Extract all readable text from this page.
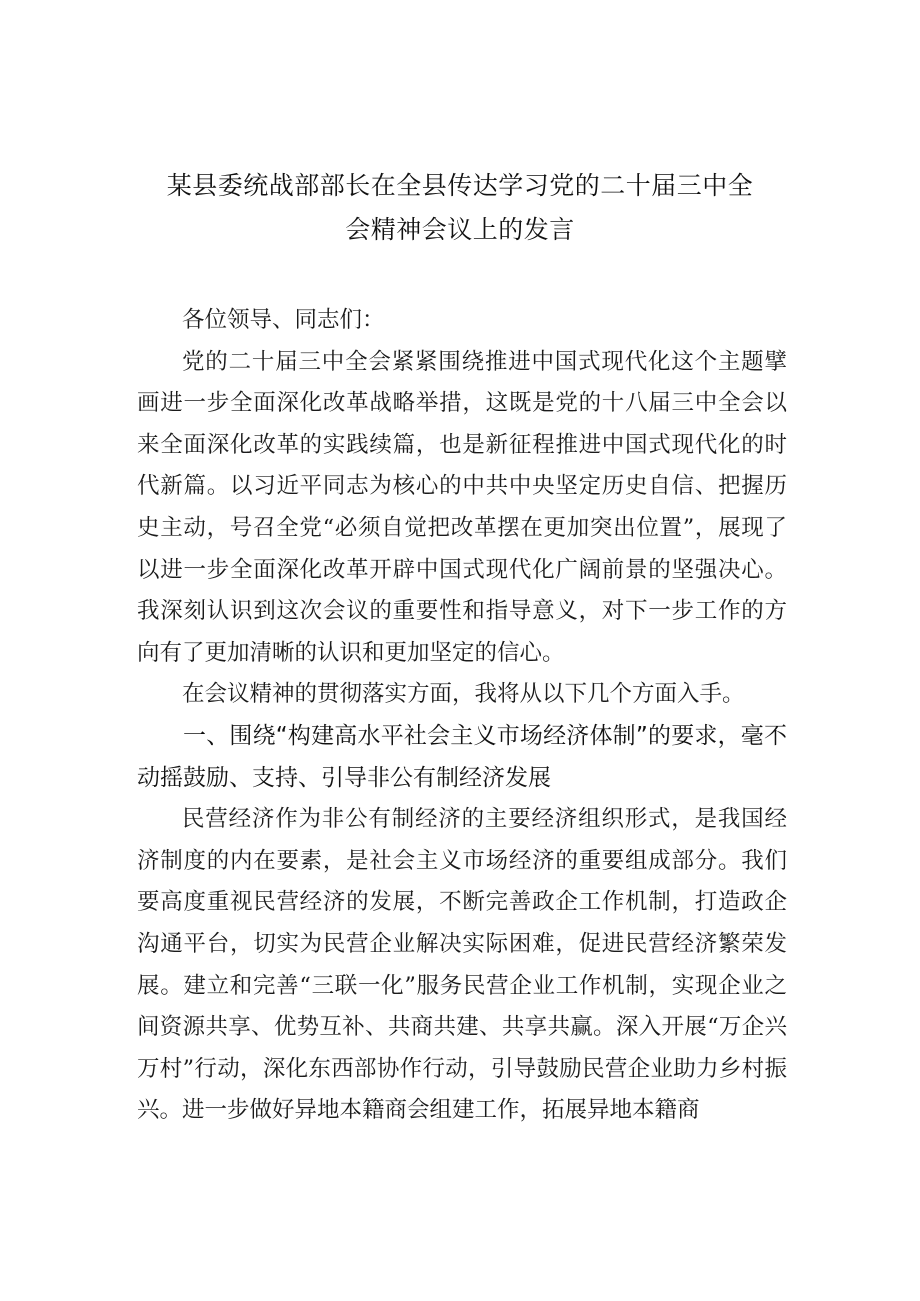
某县委统战部部长在全县传达学习党的二十届三中全
会精神会议上的发言

各位领导、同志们：

党的二十届三中全会紧紧围绕推进中国式现代化这个主题擘画进一步全面深化改革战略举措，这既是党的十八届三中全会以来全面深化改革的实践续篇，也是新征程推进中国式现代化的时代新篇。以习近平同志为核心的中共中央坚定历史自信、把握历史主动，号召全党“必须自觉把改革摆在更加突出位置”，展现了以进一步全面深化改革开辟中国式现代化广阔前景的坚强决心。我深刻认识到这次会议的重要性和指导意义，对下一步工作的方向有了更加清晰的认识和更加坚定的信心。

在会议精神的贯彻落实方面，我将从以下几个方面入手。

一、围绕“构建高水平社会主义市场经济体制”的要求，毫不动摇鼓励、支持、引导非公有制经济发展

民营经济作为非公有制经济的主要经济组织形式，是我国经济制度的内在要素，是社会主义市场经济的重要组成部分。我们要高度重视民营经济的发展，不断完善政企工作机制，打造政企沟通平台，切实为民营企业解决实际困难，促进民营经济繁荣发展。建立和完善“三联一化”服务民营企业工作机制，实现企业之间资源共享、优势互补、共商共建、共享共赢。深入开展“万企兴万村”行动，深化东西部协作行动，引导鼓励民营企业助力乡村振兴。进一步做好异地本籍商会组建工作，拓展异地本籍商
